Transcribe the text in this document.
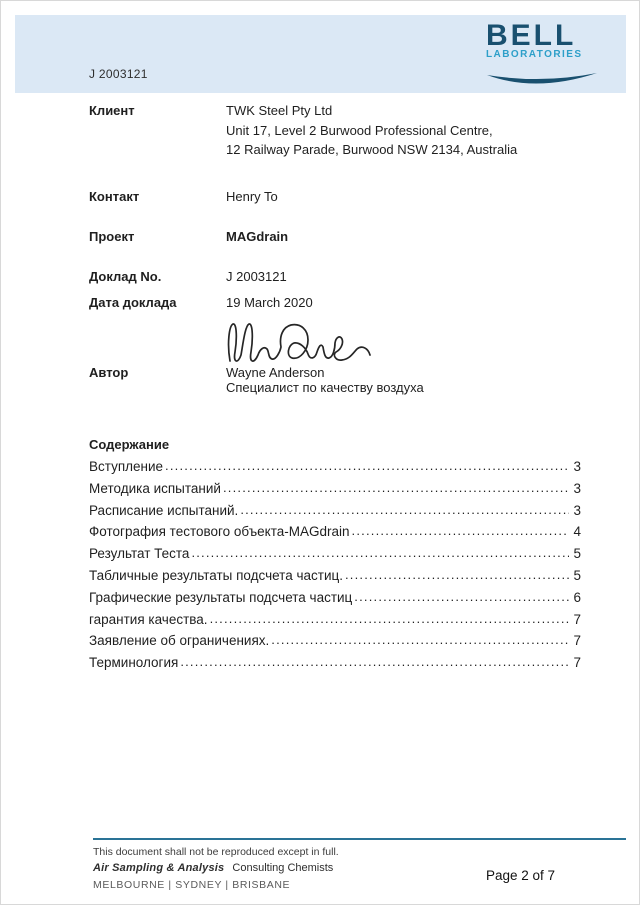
J 2003121
BELL
LABORATORIES
Клиент	TWK Steel Pty Ltd
Unit 17, Level 2 Burwood Professional Centre,
12 Railway Parade, Burwood NSW 2134, Australia
Контакт	Henry To
Проект	MAGdrain
Доклад No.	J 2003121
Дата доклада	19 March 2020
Автор	Wayne Anderson
Специалист по качеству воздуха
Содержание
Вступление .....	3
Методика испытаний .....	3
Расписание испытаний. .....	3
Фотография тестового объекта-MAGdrain .....	4
Результат Теста .....	5
Табличные результаты подсчета частиц. .....	5
Графические результаты подсчета частиц .....	6
гарантия качества. .....	7
Заявление об ограничениях. .....	7
Терминология .....	7
This document shall not be reproduced except in full.
Air Sampling & Analysis Consulting Chemists
MELBOURNE | SYDNEY | BRISBANE
Page 2 of 7
